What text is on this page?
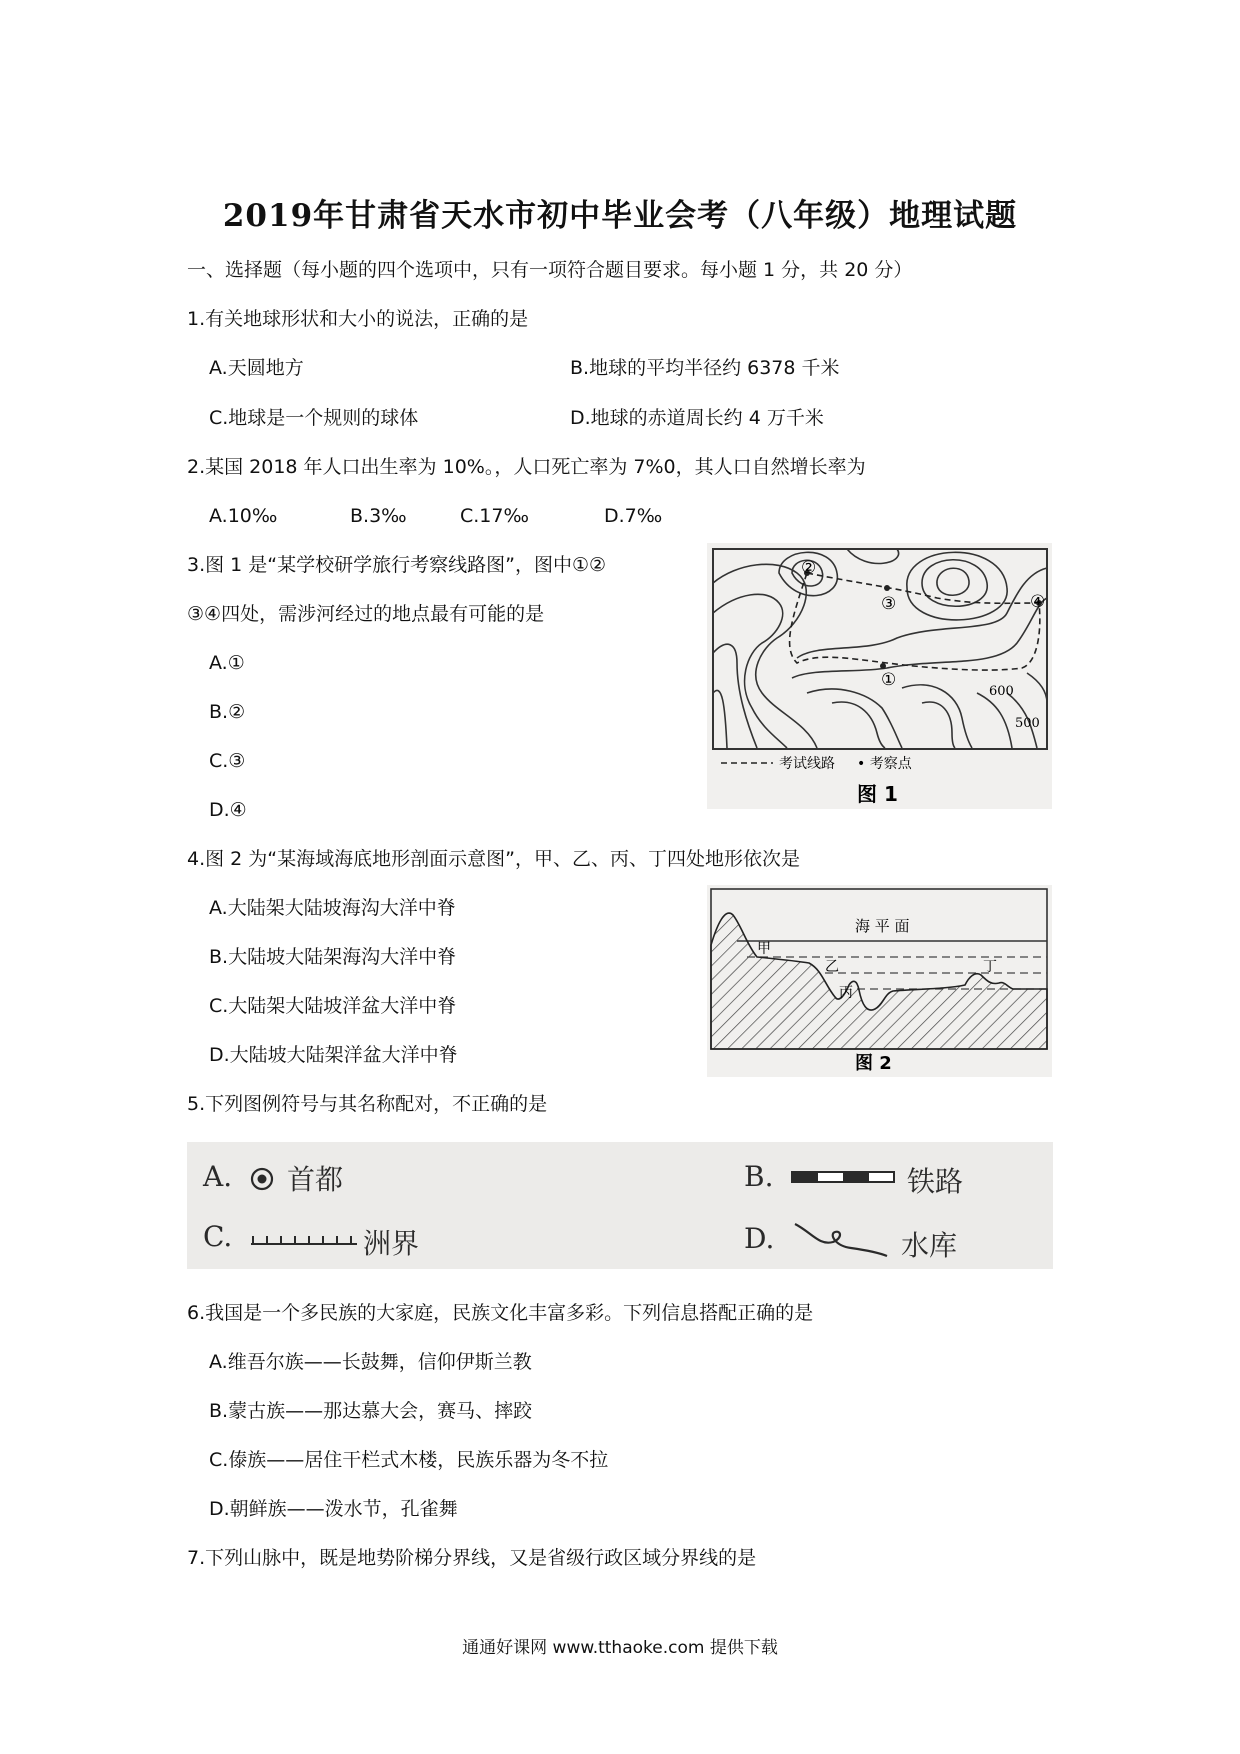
2019年甘肃省天水市初中毕业会考（八年级）地理试题
一、选择题（每小题的四个选项中，只有一项符合题目要求。每小题 1 分，共 20 分）
1.有关地球形状和大小的说法，正确的是
A.天圆地方	B.地球的平均半径约 6378 千米
C.地球是一个规则的球体	D.地球的赤道周长约 4 万千米
2.某国 2018 年人口出生率为 10%。，人口死亡率为 7%0，其人口自然增长率为
A.10‰	B.3‰	C.17‰	D.7‰
3.图 1 是“某学校研学旅行考察线路图”，图中①②
③④四处，需涉河经过的地点最有可能的是
A.①
B.②
C.③
D.④
①
②
③	④
600
500
考试线路 • 考察点
图 1
4.图 2 为“某海域海底地形剖面示意图”，甲、乙、丙、丁四处地形依次是
A.大陆架大陆坡海沟大洋中脊
B.大陆坡大陆架海沟大洋中脊
C.大陆架大陆坡洋盆大洋中脊
D.大陆坡大陆架洋盆大洋中脊
海 平 面
甲
乙
丙
丁
图 2
5.下列图例符号与其名称配对，不正确的是
A. 首都	B.	铁路
C.	洲界	D.	水库
6.我国是一个多民族的大家庭，民族文化丰富多彩。下列信息搭配正确的是
A.维吾尔族——长鼓舞，信仰伊斯兰教
B.蒙古族——那达慕大会，赛马、摔跤
C.傣族——居住干栏式木楼，民族乐器为冬不拉
D.朝鲜族——泼水节，孔雀舞
7.下列山脉中，既是地势阶梯分界线，又是省级行政区域分界线的是
通通好课网 www.tthaoke.com 提供下载
